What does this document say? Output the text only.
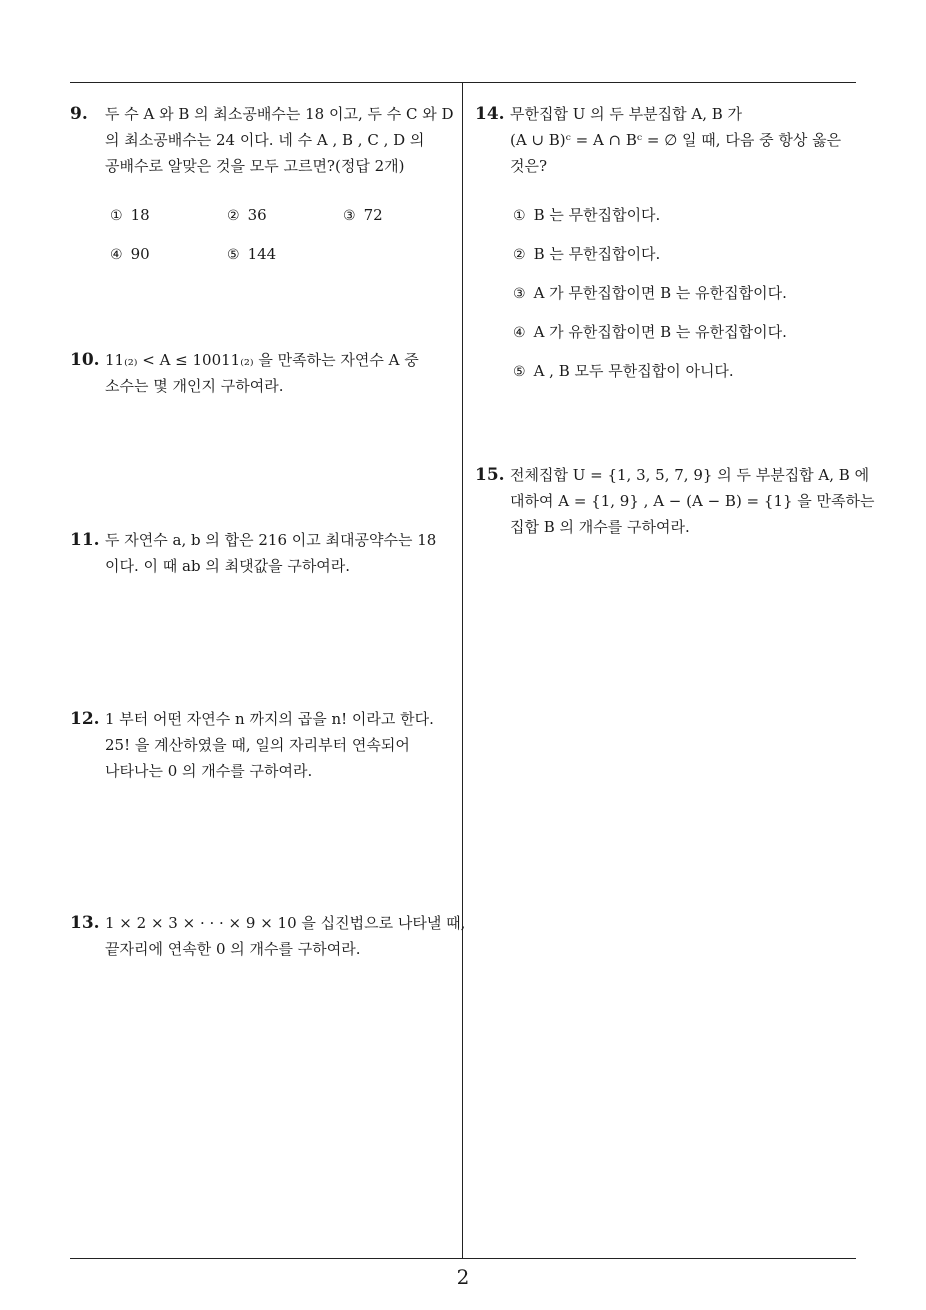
9.	두 수 A 와 B 의 최소공배수는 18 이고, 두 수 C 와 D
의 최소공배수는 24 이다. 네 수 A , B , C , D 의
공배수로 알맞은 것을 모두 고르면?(정답 2개)
① 18	② 36	③ 72
④ 90	⑤ 144
10. 11₍₂₎ < A ≤ 10011₍₂₎ 을 만족하는 자연수 A 중
소수는 몇 개인지 구하여라.
11. 두 자연수 a, b 의 합은 216 이고 최대공약수는 18
이다. 이 때 ab 의 최댓값을 구하여라.
12. 1 부터 어떤 자연수 n 까지의 곱을 n! 이라고 한다.
25! 을 계산하였을 때, 일의 자리부터 연속되어
나타나는 0 의 개수를 구하여라.
13. 1 × 2 × 3 × · · · × 9 × 10 을 십진법으로 나타낼 때,
끝자리에 연속한 0 의 개수를 구하여라.
14. 무한집합 U 의 두 부분집합 A, B 가
(A ∪ B)ᶜ = A ∩ Bᶜ = ∅ 일 때, 다음 중 항상 옳은
것은?
① B 는 무한집합이다.
② B 는 무한집합이다.
③ A 가 무한집합이면 B 는 유한집합이다.
④ A 가 유한집합이면 B 는 유한집합이다.
⑤ A , B 모두 무한집합이 아니다.
15. 전체집합 U = {1, 3, 5, 7, 9} 의 두 부분집합 A, B 에
대하여 A = {1, 9} , A − (A − B) = {1} 을 만족하는
집합 B 의 개수를 구하여라.
2
